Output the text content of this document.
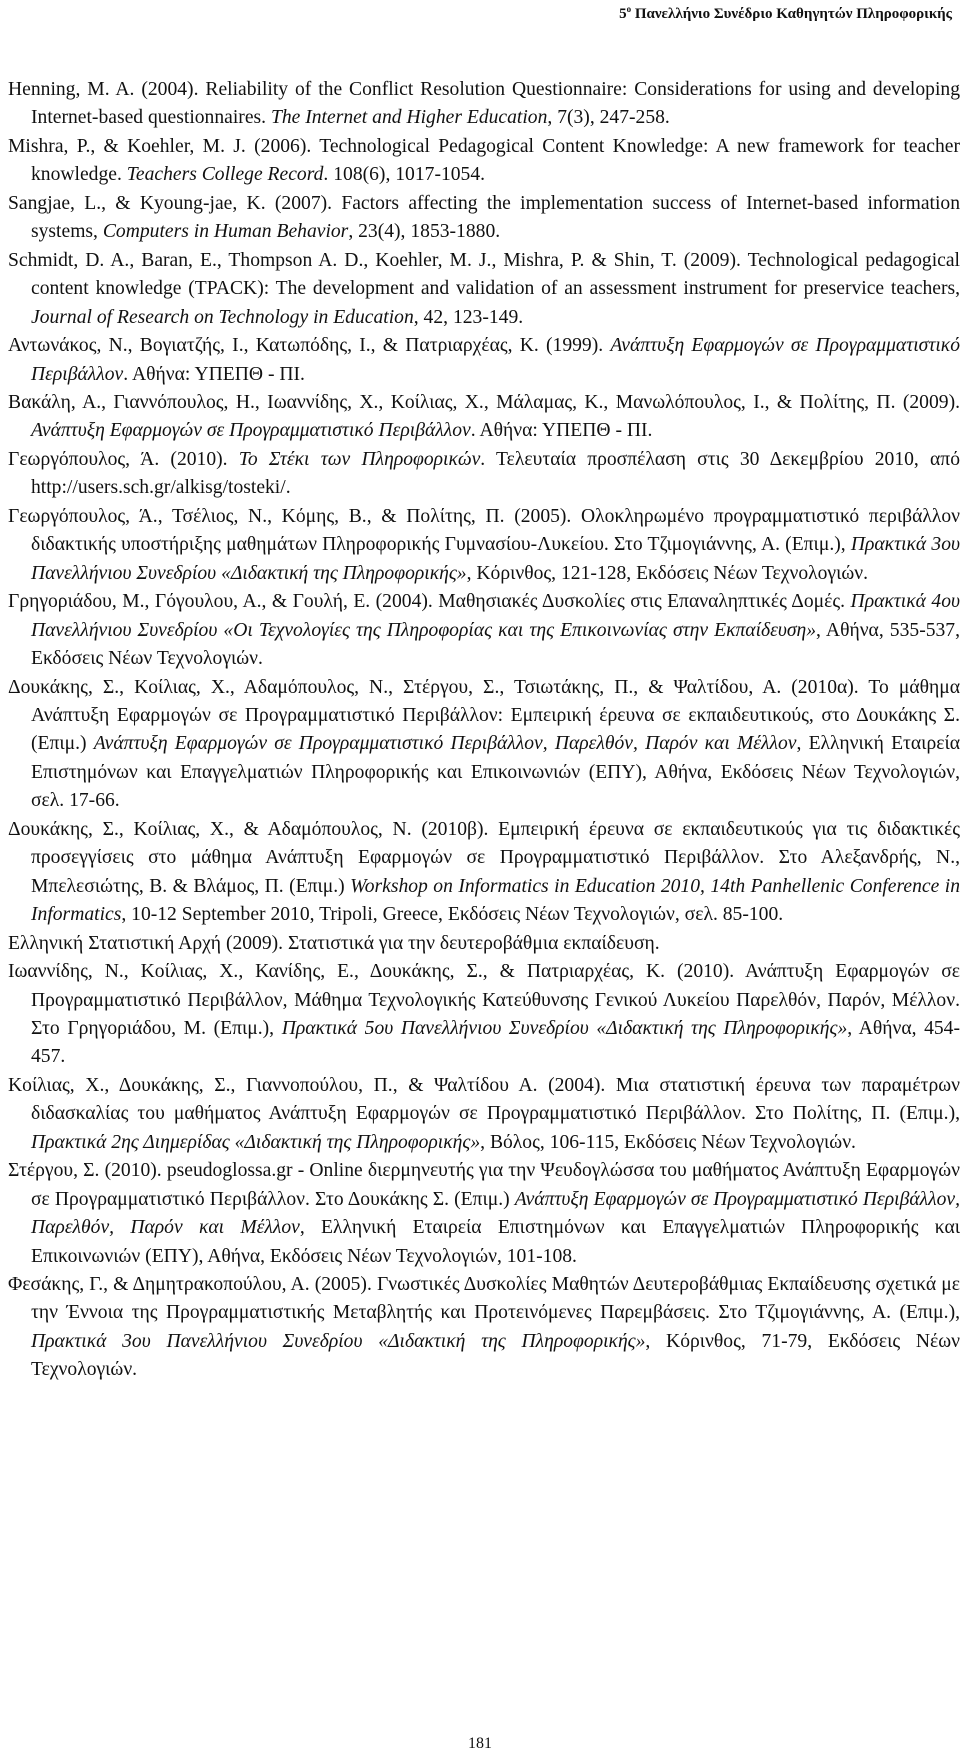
$5^o$ Πανελλήνιο Συνέδριο Καθηγητών Πληροφορικής

Henning, M. A. (2004). Reliability of the Conflict Resolution Questionnaire: Considerations for using and developing Internet-based questionnaires. The Internet and Higher Education, 7(3), 247-258.

Mishra, P., & Koehler, M. J. (2006). Technological Pedagogical Content Knowledge: A new framework for teacher knowledge. Teachers College Record. 108(6), 1017-1054.

Sangjae, L., & Kyoung-jae, K. (2007). Factors affecting the implementation success of Internet-based information systems, Computers in Human Behavior, 23(4), 1853-1880.

Schmidt, D. A., Baran, E., Thompson A. D., Koehler, M. J., Mishra, P. & Shin, T. (2009). Technological pedagogical content knowledge (TPACK): The development and validation of an assessment instrument for preservice teachers, Journal of Research on Technology in Education, 42, 123-149.

Αντωνάκος, Ν., Βογιατζής, Ι., Κατωπόδης, Ι., & Πατριαρχέας, Κ. (1999). Ανάπτυξη Εφαρμογών σε Προγραμματιστικό Περιβάλλον. Αθήνα: ΥΠΕΠΘ - ΠΙ.

Βακάλη, Α., Γιαννόπουλος, Η., Ιωαννίδης, Χ., Κοίλιας, Χ., Μάλαμας, Κ., Μανωλόπουλος, Ι., & Πολίτης, Π. (2009). Ανάπτυξη Εφαρμογών σε Προγραμματιστικό Περιβάλλον. Αθήνα: ΥΠΕΠΘ - ΠΙ.

Γεωργόπουλος, Ά. (2010). Το Στέκι των Πληροφορικών. Τελευταία προσπέλαση στις 30 Δεκεμβρίου 2010, από http://users.sch.gr/alkisg/tosteki/.

Γεωργόπουλος, Ά., Τσέλιος, Ν., Κόμης, Β., & Πολίτης, Π. (2005). Ολοκληρωμένο προγραμματιστικό περιβάλλον διδακτικής υποστήριξης μαθημάτων Πληροφορικής Γυμνασίου-Λυκείου. Στο Τζιμογιάννης, Α. (Επιμ.), Πρακτικά 3ου Πανελλήνιου Συνεδρίου «Διδακτική της Πληροφορικής», Κόρινθος, 121-128, Εκδόσεις Νέων Τεχνολογιών.

Γρηγοριάδου, Μ., Γόγουλου, Α., & Γουλή, Ε. (2004). Μαθησιακές Δυσκολίες στις Επαναληπτικές Δομές. Πρακτικά 4ου Πανελλήνιου Συνεδρίου «Οι Τεχνολογίες της Πληροφορίας και της Επικοινωνίας στην Εκπαίδευση», Αθήνα, 535-537, Εκδόσεις Νέων Τεχνολογιών.

Δουκάκης, Σ., Κοίλιας, Χ., Αδαμόπουλος, Ν., Στέργου, Σ., Τσιωτάκης, Π., & Ψαλτίδου, Α. (2010α). Το μάθημα Ανάπτυξη Εφαρμογών σε Προγραμματιστικό Περιβάλλον: Εμπειρική έρευνα σε εκπαιδευτικούς, στο Δουκάκης Σ. (Επιμ.) Ανάπτυξη Εφαρμογών σε Προγραμματιστικό Περιβάλλον, Παρελθόν, Παρόν και Μέλλον, Ελληνική Εταιρεία Επιστημόνων και Επαγγελματιών Πληροφορικής και Επικοινωνιών (ΕΠΥ), Αθήνα, Εκδόσεις Νέων Τεχνολογιών, σελ. 17-66.

Δουκάκης, Σ., Κοίλιας, Χ., & Αδαμόπουλος, Ν. (2010β). Εμπειρική έρευνα σε εκπαιδευτικούς για τις διδακτικές προσεγγίσεις στο μάθημα Ανάπτυξη Εφαρμογών σε Προγραμματιστικό Περιβάλλον. Στο Αλεξανδρής, Ν., Μπελεσιώτης, Β. & Βλάμος, Π. (Επιμ.) Workshop on Informatics in Education 2010, 14th Panhellenic Conference in Informatics, 10-12 September 2010, Tripoli, Greece, Εκδόσεις Νέων Τεχνολογιών, σελ. 85-100.

Ελληνική Στατιστική Αρχή (2009). Στατιστικά για την δευτεροβάθμια εκπαίδευση.

Ιωαννίδης, Ν., Κοίλιας, Χ., Κανίδης, Ε., Δουκάκης, Σ., & Πατριαρχέας, Κ. (2010). Ανάπτυξη Εφαρμογών σε Προγραμματιστικό Περιβάλλον, Μάθημα Τεχνολογικής Κατεύθυνσης Γενικού Λυκείου Παρελθόν, Παρόν, Μέλλον. Στο Γρηγοριάδου, Μ. (Επιμ.), Πρακτικά 5ου Πανελλήνιου Συνεδρίου «Διδακτική της Πληροφορικής», Αθήνα, 454-457.

Κοίλιας, Χ., Δουκάκης, Σ., Γιαννοπούλου, Π., & Ψαλτίδου Α. (2004). Μια στατιστική έρευνα των παραμέτρων διδασκαλίας του μαθήματος Ανάπτυξη Εφαρμογών σε Προγραμματιστικό Περιβάλλον. Στο Πολίτης, Π. (Επιμ.), Πρακτικά 2ης Διημερίδας «Διδακτική της Πληροφορικής», Βόλος, 106-115, Εκδόσεις Νέων Τεχνολογιών.

Στέργου, Σ. (2010). pseudoglossa.gr - Online διερμηνευτής για την Ψευδογλώσσα του μαθήματος Ανάπτυξη Εφαρμογών σε Προγραμματιστικό Περιβάλλον. Στο Δουκάκης Σ. (Επιμ.) Ανάπτυξη Εφαρμογών σε Προγραμματιστικό Περιβάλλον, Παρελθόν, Παρόν και Μέλλον, Ελληνική Εταιρεία Επιστημόνων και Επαγγελματιών Πληροφορικής και Επικοινωνιών (ΕΠΥ), Αθήνα, Εκδόσεις Νέων Τεχνολογιών, 101-108.

Φεσάκης, Γ., & Δημητρακοπούλου, Α. (2005). Γνωστικές Δυσκολίες Μαθητών Δευτεροβάθμιας Εκπαίδευσης σχετικά με την Έννοια της Προγραμματιστικής Μεταβλητής και Προτεινόμενες Παρεμβάσεις. Στο Τζιμογιάννης, Α. (Επιμ.), Πρακτικά 3ου Πανελλήνιου Συνεδρίου «Διδακτική της Πληροφορικής», Κόρινθος, 71-79, Εκδόσεις Νέων Τεχνολογιών.

181
